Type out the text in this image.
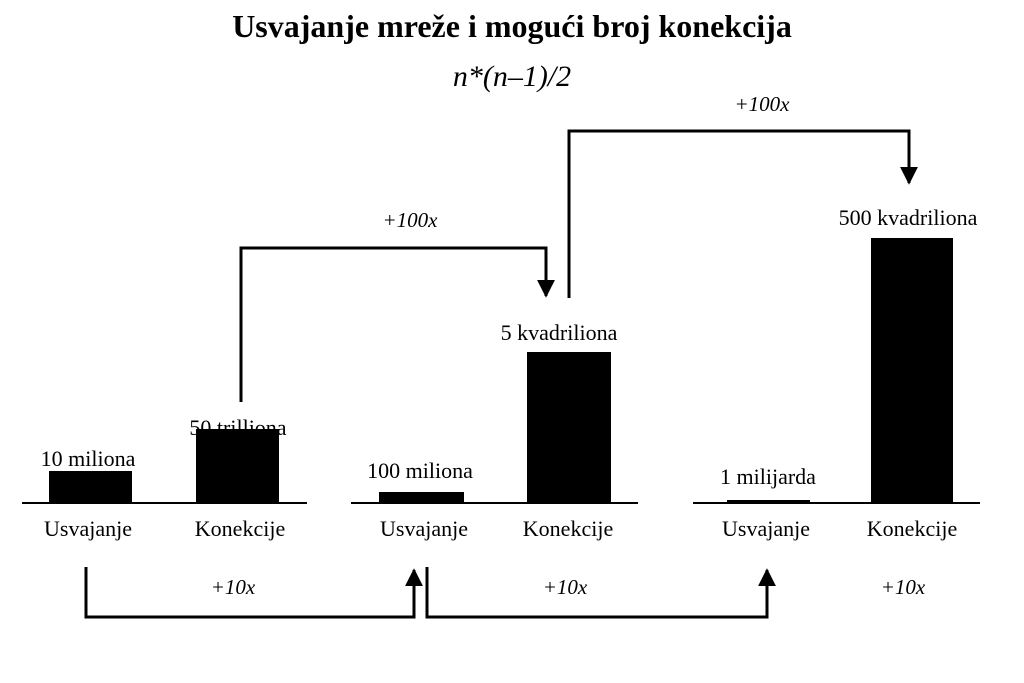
Usvajanje mreže i mogući broj konekcija
n*(n–1)/2
10 miliona
50 trilliona
100 miliona
5 kvadriliona
1 milijarda
500 kvadriliona
Usvajanje	Konekcije	Usvajanje Konekcije	Usvajanje	Konekcije
+100x
+100x
+10x	+10x	+10x
